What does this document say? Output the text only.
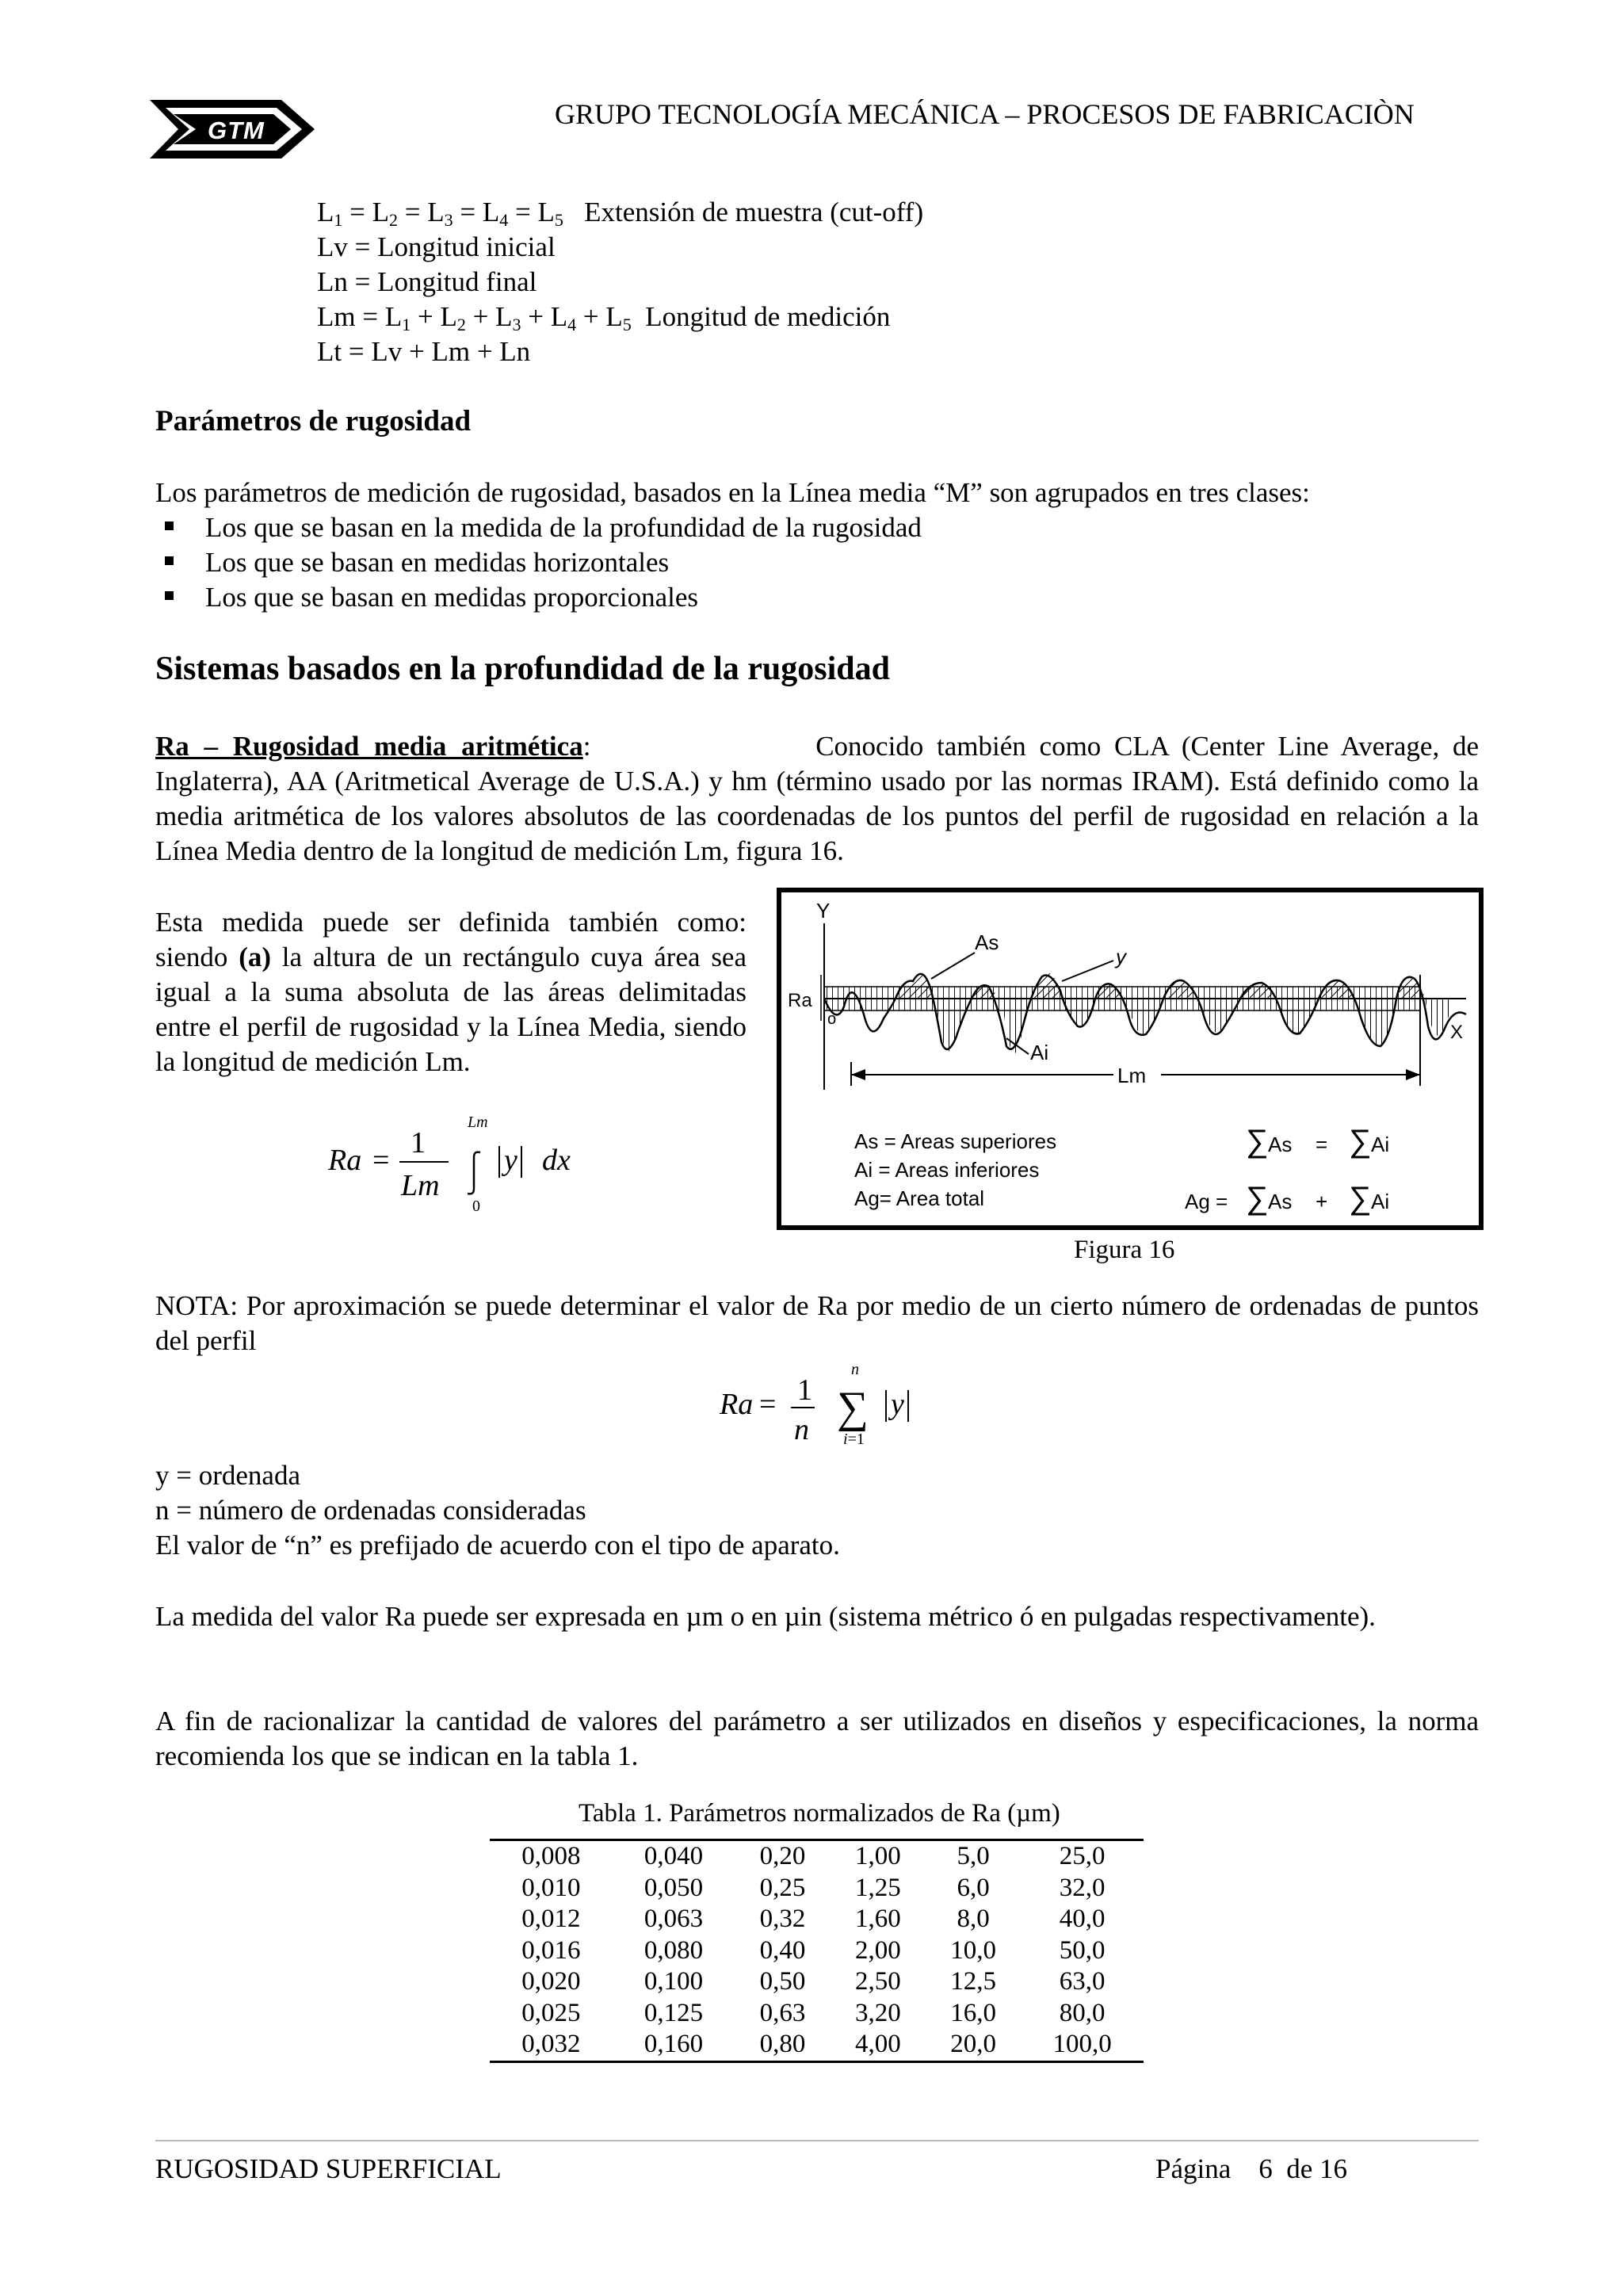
GTM
GRUPO TECNOLOGÍA MECÁNICA – PROCESOS DE FABRICACIÒN
$L_1 = L_2 = L_3 = L_4 = L_5$ Extensión de muestra (cut-off)
Lv = Longitud inicial
Ln = Longitud final
$Lm = L_1 + L_2 + L_3 + L_4 + L_5$ Longitud de medición
Lt = Lv + Lm + Ln
Parámetros de rugosidad
Los parámetros de medición de rugosidad, basados en la Línea media “M” son agrupados en tres clases:
Los que se basan en la medida de la profundidad de la rugosidad
Los que se basan en medidas horizontales
Los que se basan en medidas proporcionales
Sistemas basados en la profundidad de la rugosidad
Ra – Rugosidad media aritmética:	Conocido también como CLA (Center Line Average, de
Inglaterra), AA (Aritmetical Average de U.S.A.) y hm (término usado por las normas IRAM). Está definido como la media aritmética de los valores absolutos de las coordenadas de los puntos del perfil de rugosidad en relación a la Línea Media dentro de la longitud de medición Lm, figura 16.
Esta medida puede ser definida también como: siendo (a) la altura de un rectángulo cuya área sea igual a la suma absoluta de las áreas delimitadas entre el perfil de rugosidad y la Línea Media, siendo la longitud de medición Lm.
Ra =
1
Lm
Lm
0
y dx
Y
X
Ra
o
As
y
Ai
Lm
As = Areas superiores
Ai = Areas inferiores
Ag= Area total
∑ As = ∑ Ai
Ag = ∑ As + ∑ Ai
Figura 16
NOTA: Por aproximación se puede determinar el valor de Ra por medio de un cierto número de ordenadas de puntos del perfil
Ra = 1
n
n
∑
i=1
y
y = ordenada
n = número de ordenadas consideradas
El valor de “n” es prefijado de acuerdo con el tipo de aparato.
La medida del valor Ra puede ser expresada en µm o en µin (sistema métrico ó en pulgadas respectivamente).
A fin de racionalizar la cantidad de valores del parámetro a ser utilizados en diseños y especificaciones, la norma recomienda los que se indican en la tabla 1.
Tabla 1. Parámetros normalizados de Ra (µm)
0,008	0,040	0,20	1,00	5,0	25,0
0,010	0,050	0,25	1,25	6,0	32,0
0,012	0,063	0,32	1,60	8,0	40,0
0,016	0,080	0,40	2,00	10,0	50,0
0,020	0,100	0,50	2,50	12,5	63,0
0,025	0,125	0,63	3,20	16,0	80,0
0,032	0,160	0,80	4,00	20,0	100,0
RUGOSIDAD SUPERFICIAL	Página 6 de 16
